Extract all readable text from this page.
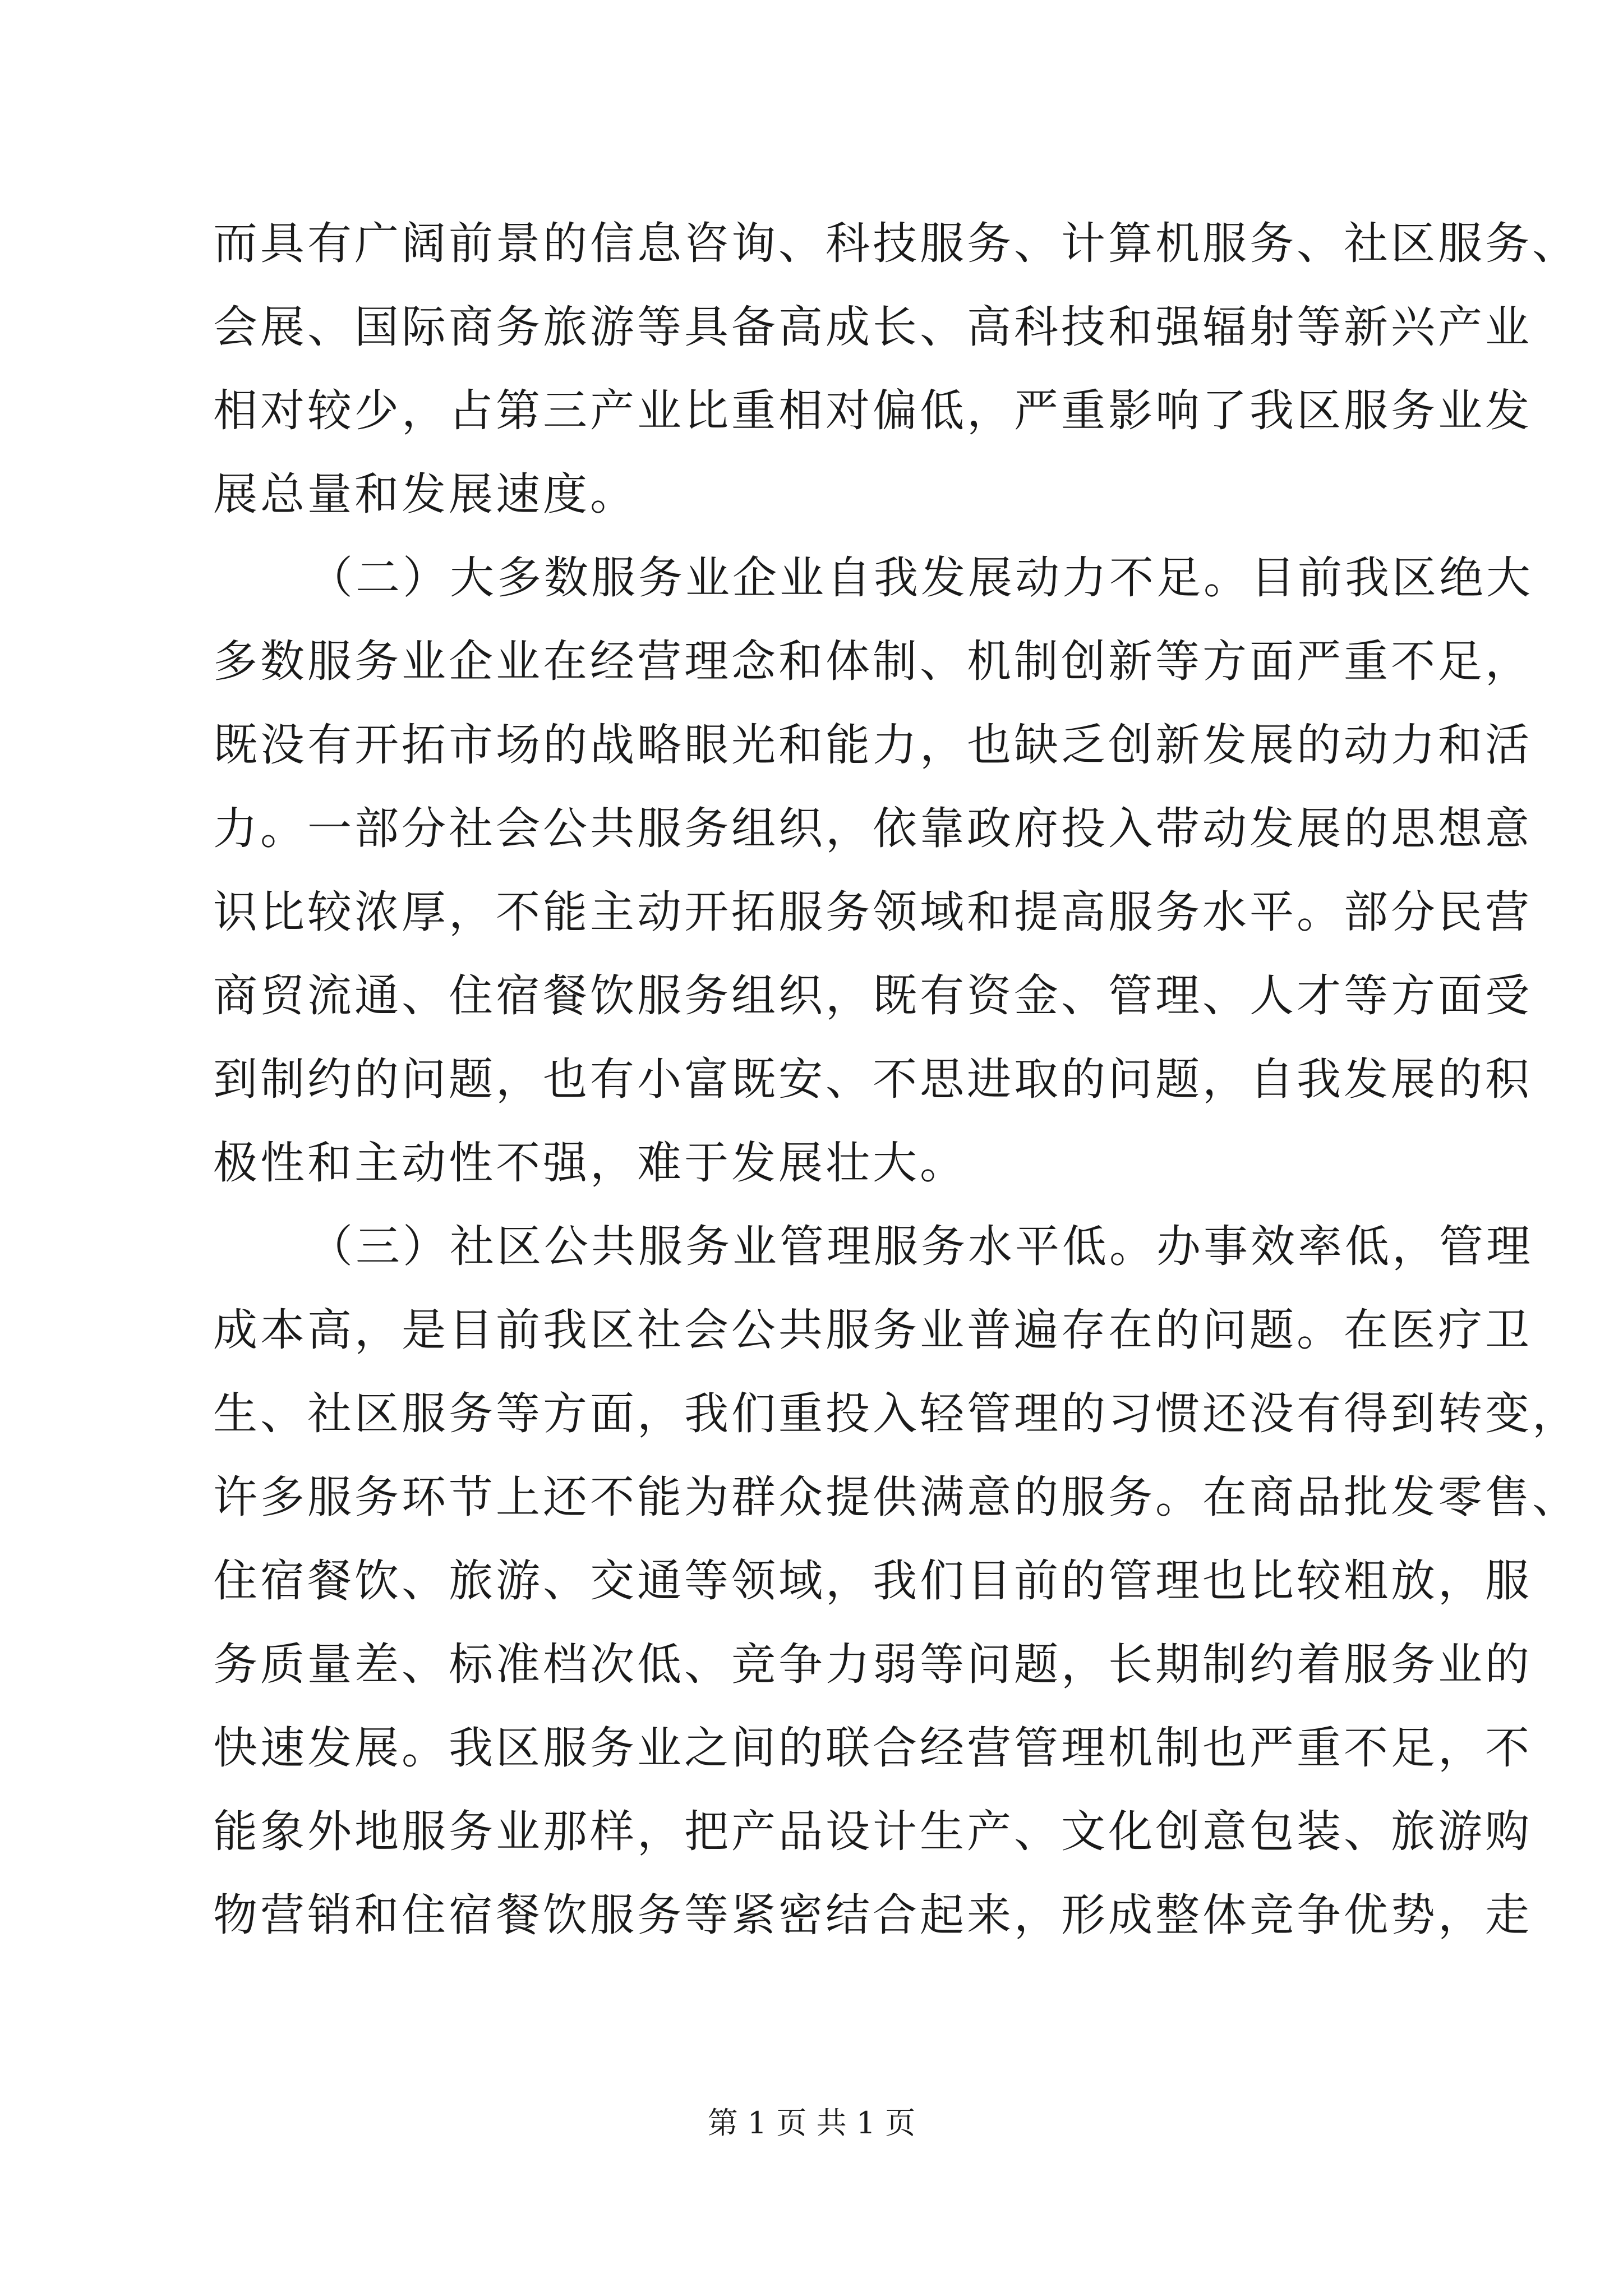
而具有广阔前景的信息咨询、科技服务、计算机服务、社区服务、
会展、国际商务旅游等具备高成长、高科技和强辐射等新兴产业
相对较少，占第三产业比重相对偏低，严重影响了我区服务业发
展总量和发展速度。
（二）大多数服务业企业自我发展动力不足。目前我区绝大
多数服务业企业在经营理念和体制、机制创新等方面严重不足，
既没有开拓市场的战略眼光和能力，也缺乏创新发展的动力和活
力。一部分社会公共服务组织，依靠政府投入带动发展的思想意
识比较浓厚，不能主动开拓服务领域和提高服务水平。部分民营
商贸流通、住宿餐饮服务组织，既有资金、管理、人才等方面受
到制约的问题，也有小富既安、不思进取的问题，自我发展的积
极性和主动性不强，难于发展壮大。
（三）社区公共服务业管理服务水平低。办事效率低，管理
成本高，是目前我区社会公共服务业普遍存在的问题。在医疗卫
生、社区服务等方面，我们重投入轻管理的习惯还没有得到转变，
许多服务环节上还不能为群众提供满意的服务。在商品批发零售、
住宿餐饮、旅游、交通等领域，我们目前的管理也比较粗放，服
务质量差、标准档次低、竞争力弱等问题，长期制约着服务业的
快速发展。我区服务业之间的联合经营管理机制也严重不足，不
能象外地服务业那样，把产品设计生产、文化创意包装、旅游购
物营销和住宿餐饮服务等紧密结合起来，形成整体竞争优势，走
第 1 页 共 1 页
